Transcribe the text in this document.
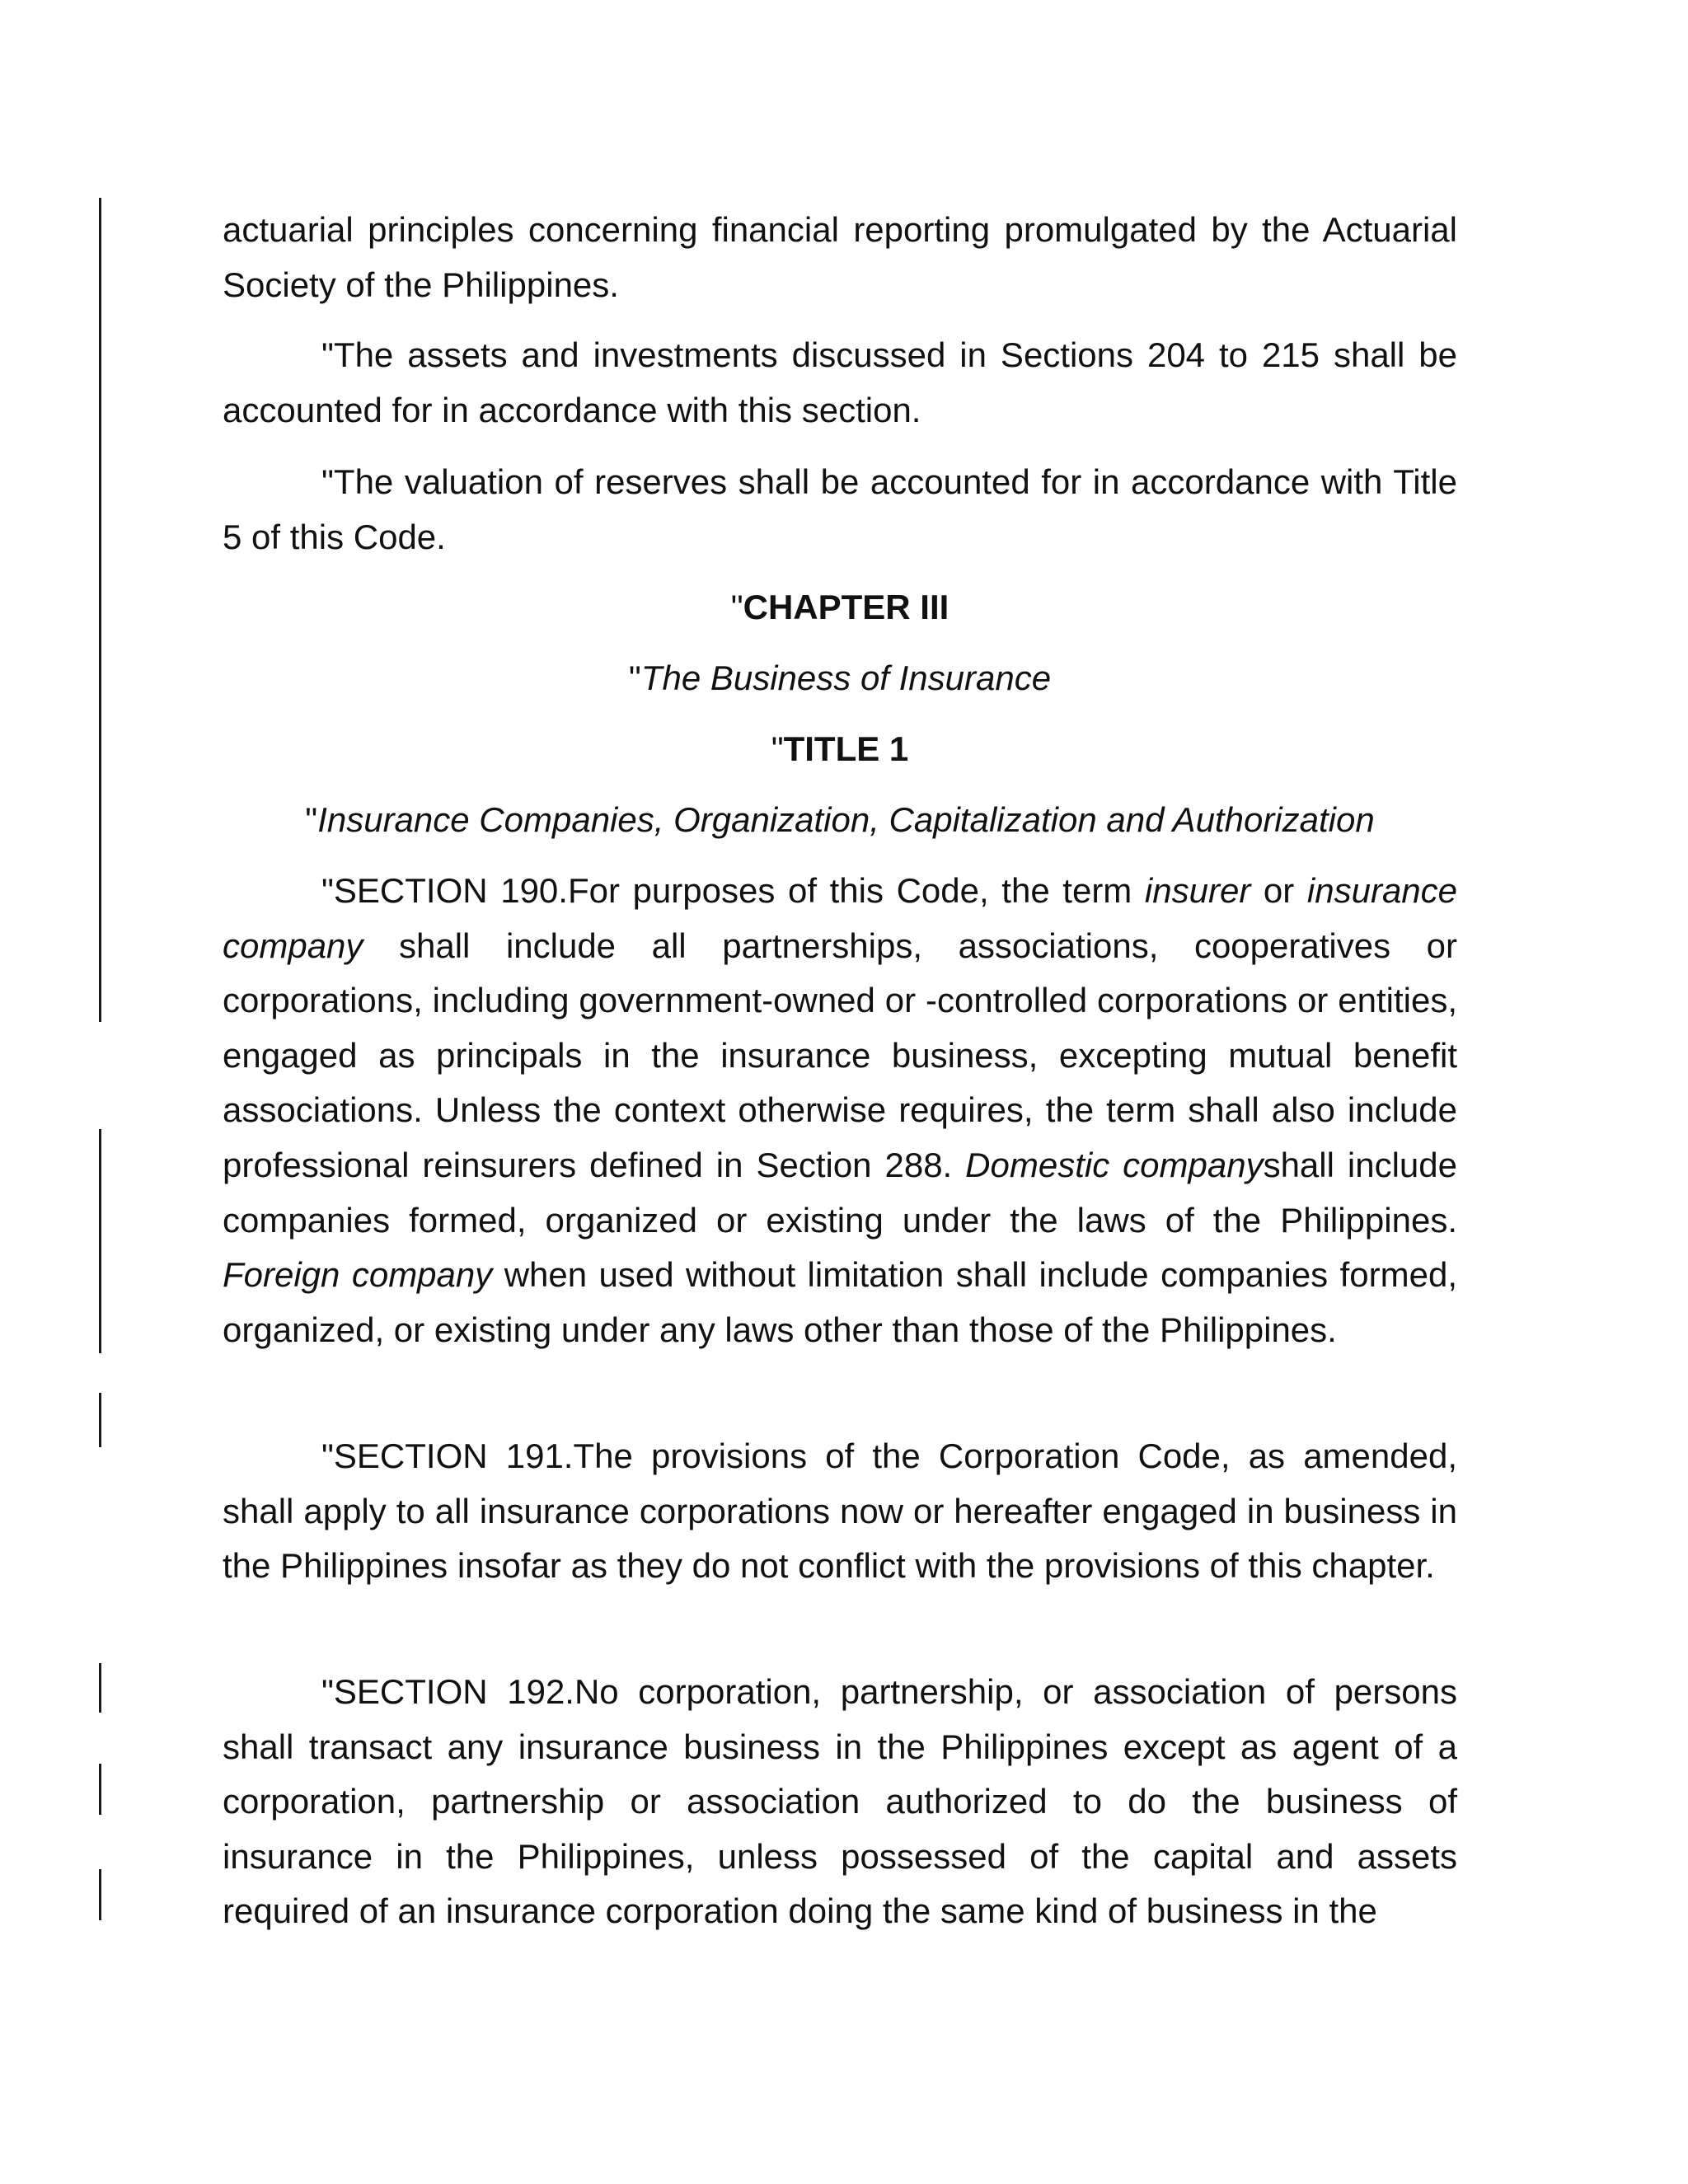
actuarial principles concerning financial reporting promulgated by the Actuarial Society of the Philippines.

"The assets and investments discussed in Sections 204 to 215 shall be accounted for in accordance with this section.

"The valuation of reserves shall be accounted for in accordance with Title 5 of this Code.

"CHAPTER III

"The Business of Insurance

"TITLE 1

"Insurance Companies, Organization, Capitalization and Authorization

"SECTION 190.For purposes of this Code, the term insurer or insurance company shall include all partnerships, associations, cooperatives or corporations, including government-owned or -controlled corporations or entities, engaged as principals in the insurance business, excepting mutual benefit associations. Unless the context otherwise requires, the term shall also include professional reinsurers defined in Section 288. Domestic companyshall include companies formed, organized or existing under the laws of the Philippines. Foreign company when used without limitation shall include companies formed, organized, or existing under any laws other than those of the Philippines.

"SECTION 191.The provisions of the Corporation Code, as amended, shall apply to all insurance corporations now or hereafter engaged in business in the Philippines insofar as they do not conflict with the provisions of this chapter.

"SECTION 192.No corporation, partnership, or association of persons shall transact any insurance business in the Philippines except as agent of a corporation, partnership or association authorized to do the business of insurance in the Philippines, unless possessed of the capital and assets required of an insurance corporation doing the same kind of business in the
